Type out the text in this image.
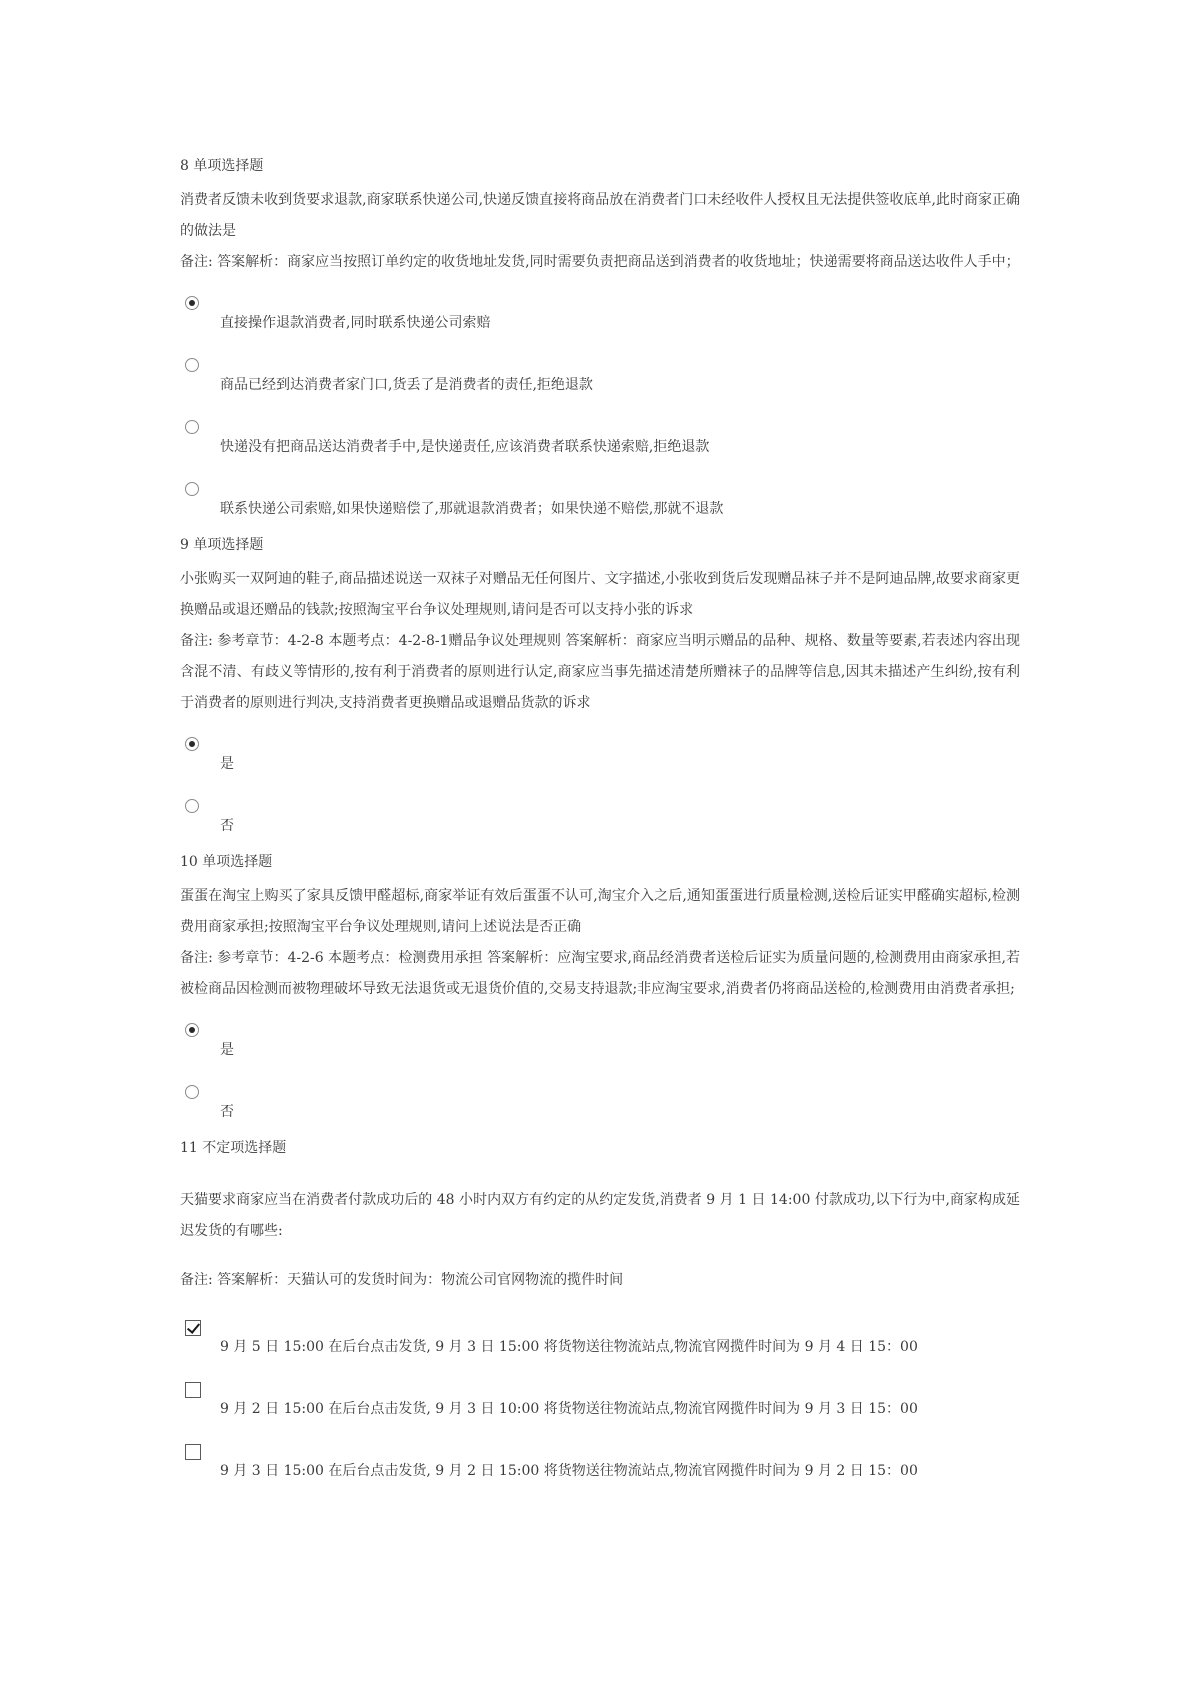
8 单项选择题
消费者反馈未收到货要求退款,商家联系快递公司,快递反馈直接将商品放在消费者门口未经收件人授权且无法提供签收底单,此时商家正确的做法是
备注: 答案解析：商家应当按照订单约定的收货地址发货,同时需要负责把商品送到消费者的收货地址；快递需要将商品送达收件人手中；
直接操作退款消费者,同时联系快递公司索赔
商品已经到达消费者家门口,货丢了是消费者的责任,拒绝退款
快递没有把商品送达消费者手中,是快递责任,应该消费者联系快递索赔,拒绝退款
联系快递公司索赔,如果快递赔偿了,那就退款消费者；如果快递不赔偿,那就不退款
9 单项选择题
小张购买一双阿迪的鞋子,商品描述说送一双袜子对赠品无任何图片、文字描述,小张收到货后发现赠品袜子并不是阿迪品牌,故要求商家更换赠品或退还赠品的钱款;按照淘宝平台争议处理规则,请问是否可以支持小张的诉求
备注: 参考章节：4-2-8 本题考点：4-2-8-1赠品争议处理规则 答案解析：商家应当明示赠品的品种、规格、数量等要素,若表述内容出现含混不清、有歧义等情形的,按有利于消费者的原则进行认定,商家应当事先描述清楚所赠袜子的品牌等信息,因其未描述产生纠纷,按有利于消费者的原则进行判决,支持消费者更换赠品或退赠品货款的诉求
是
否
10 单项选择题
蛋蛋在淘宝上购买了家具反馈甲醛超标,商家举证有效后蛋蛋不认可,淘宝介入之后,通知蛋蛋进行质量检测,送检后证实甲醛确实超标,检测费用商家承担;按照淘宝平台争议处理规则,请问上述说法是否正确
备注: 参考章节：4-2-6 本题考点：检测费用承担 答案解析：应淘宝要求,商品经消费者送检后证实为质量问题的,检测费用由商家承担,若被检商品因检测而被物理破坏导致无法退货或无退货价值的,交易支持退款;非应淘宝要求,消费者仍将商品送检的,检测费用由消费者承担;
是
否
11 不定项选择题
天猫要求商家应当在消费者付款成功后的 48 小时内双方有约定的从约定发货,消费者 9 月 1 日 14:00 付款成功,以下行为中,商家构成延迟发货的有哪些:
备注: 答案解析：天猫认可的发货时间为：物流公司官网物流的揽件时间
9 月 5 日 15:00 在后台点击发货, 9 月 3 日 15:00 将货物送往物流站点,物流官网揽件时间为 9 月 4 日 15：00
9 月 2 日 15:00 在后台点击发货, 9 月 3 日 10:00 将货物送往物流站点,物流官网揽件时间为 9 月 3 日 15：00
9 月 3 日 15:00 在后台点击发货, 9 月 2 日 15:00 将货物送往物流站点,物流官网揽件时间为 9 月 2 日 15：00
